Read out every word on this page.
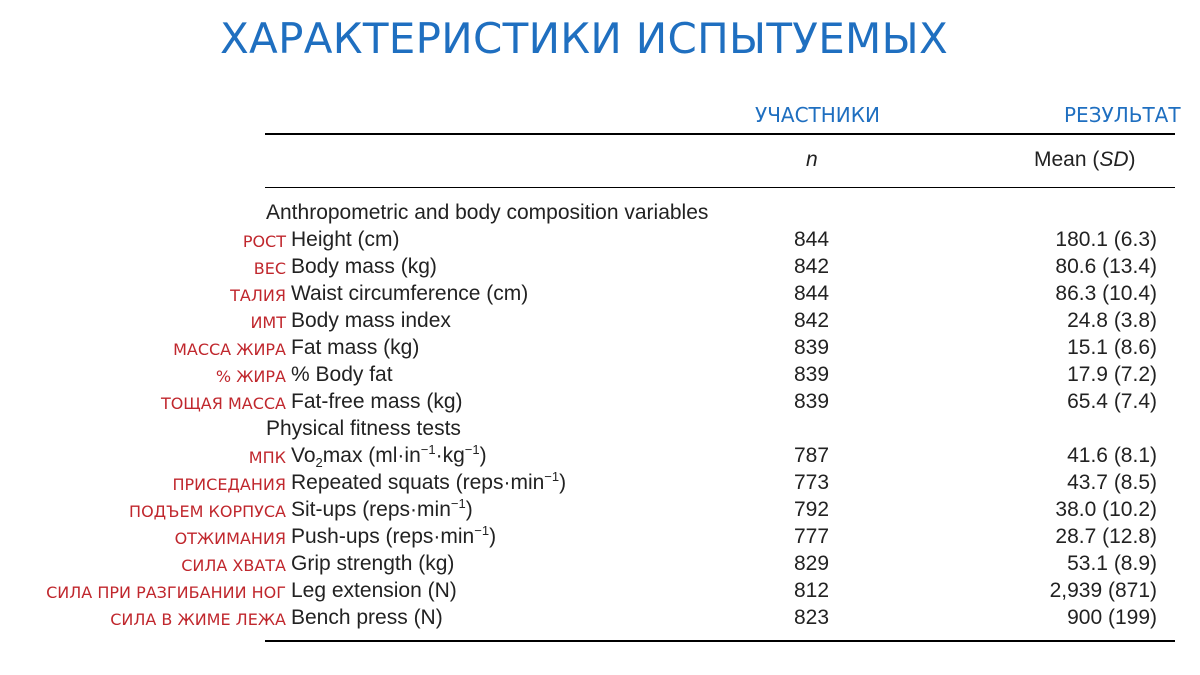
ХАРАКТЕРИСТИКИ ИСПЫТУЕМЫХ
УЧАСТНИКИ	РЕЗУЛЬТАТ
n	Mean (SD)
Anthropometric and body composition variables
РОСТ Height (cm)	844	180.1 (6.3)
ВЕС Body mass (kg)	842	80.6 (13.4)
ТАЛИЯ Waist circumference (cm)	844	86.3 (10.4)
ИМТ Body mass index	842	24.8 (3.8)
МАССА ЖИРА Fat mass (kg)	839	15.1 (8.6)
% ЖИРА % Body fat	839	17.9 (7.2)
ТОЩАЯ МАССА Fat-free mass (kg)	839	65.4 (7.4)
Physical fitness tests
МПК $Vo_2\max$ $(ml\cdot in^{-1}\cdot kg^{-1})$	787	41.6 (8.1)
ПРИСЕДАНИЯ Repeated squats $(reps\cdot\min^{-1})$	773	43.7 (8.5)
ПОДЪЕМ КОРПУСА Sit-ups $(reps\cdot\min^{-1})$	792	38.0 (10.2)
ОТЖИМАНИЯ Push-ups $(reps\cdot\min^{-1})$	777	28.7 (12.8)
СИЛА ХВАТА Grip strength (kg)	829	53.1 (8.9)
СИЛА ПРИ РАЗГИБАНИИ НОГ Leg extension (N)	812	2,939 (871)
СИЛА В ЖИМЕ ЛЕЖА Bench press (N)	823	900 (199)
